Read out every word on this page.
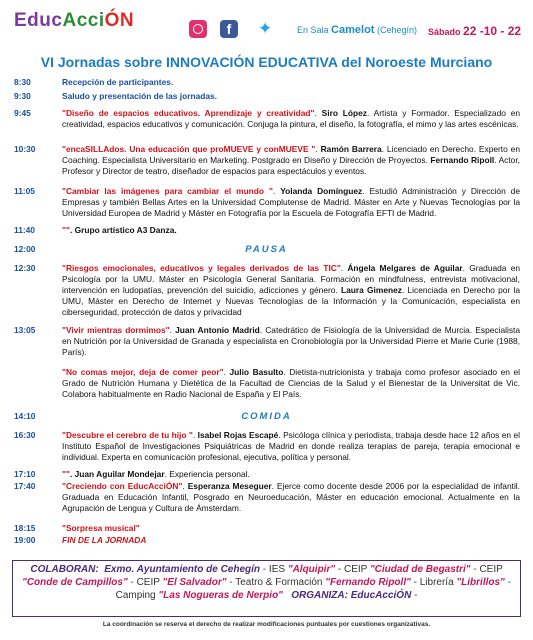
EducAcciÓN	f	✦	En Sala Camelot (Cehegín) Sábado 22 -10 - 22
VI Jornadas sobre INNOVACIÓN EDUCATIVA del Noroeste Murciano
8:30	Recepción de participantes.
9:30	Saludo y presentación de las jornadas.
9:45	"Diseño de espacios educativos. Aprendizaje y creatividad". Siro López. Artista y Formador. Especializado en creatividad, espacios educativos y comunicación. Conjuga la pintura, el diseño, la fotografía, el mimo y las artes escénicas.
10:30	"encaSILLAdos. Una educación que proMUEVE y conMUEVE ". Ramón Barrera. Licenciado en Derecho. Experto en Coaching. Especialista Universitario en Marketing. Postgrado en Diseño y Dirección de Proyectos. Fernando Ripoll. Actor, Profesor y Director de teatro, diseñador de espacios para espectáculos y eventos.
11:05	"Cambiar las imágenes para cambiar el mundo ". Yolanda Domínguez. Estudió Administración y Dirección de Empresas y también Bellas Artes en la Universidad Complutense de Madrid. Máster en Arte y Nuevas Tecnologías por la Universidad Europea de Madrid y Máster en Fotografía por la Escuela de Fotografía EFTI de Madrid.
11:40	"". Grupo artístico A3 Danza.
12:00	PAUSA
12:30	"Riesgos emocionales, educativos y legales derivados de las TIC". Ángela Melgares de Aguilar. Graduada en Psicología por la UMU. Máster en Psicología General Sanitaria. Formación en mindfulness, entrevista motivacional, intervención en ludopatías, prevención del suicidio, adicciones y género. Laura Gimenez. Licenciada en Derecho por la UMU, Máster en Derecho de Internet y Nuevas Tecnologías de la Información y la Comunicación, especialista en ciberseguridad, protección de datos y privacidad
13:05	"Vivir mientras dormimos". Juan Antonio Madrid. Catedrático de Fisiología de la Universidad de Murcia. Especialista en Nutrición por la Universidad de Granada y especialista en Cronobiología por la Universidad Pierre et Marie Curie (1988, París).
"No comas mejor, deja de comer peor". Julio Basulto. Dietista-nutricionista y trabaja como profesor asociado en el Grado de Nutrición Humana y Dietética de la Facultad de Ciencias de la Salud y el Bienestar de la Universitat de Vic. Colabora habitualmente en Radio Nacional de España y El País.
14:10	COMIDA
16:30	"Descubre el cerebro de tu hijo ". Isabel Rojas Escapé. Psicóloga clínica y periodista, trabaja desde hace 12 años en el Instituto Español de Investigaciones Psiquiátricas de Madrid en donde realiza terapias de pareja, terapia emocional e individual. Experta en comunicación profesional, ejecutiva, política y personal.
17:10	"". Juan Aguilar Mondejar. Experiencia personal.
17:40	"Creciendo con EducAcciÓN". Esperanza Meseguer. Ejerce como docente desde 2006 por la especialidad de infantil. Graduada en Educación Infantil, Posgrado en Neuroeducación, Máster en educación emocional. Actualmente en la Agrupación de Lengua y Cultura de Ámsterdam.
18:15	"Sorpresa musical"
19:00	FIN DE LA JORNADA
COLABORAN: Exmo. Ayuntamiento de Cehegín - IES "Alquipir" - CEIP "Ciudad de Begastri" - CEIP "Conde de Campillos" - CEIP "El Salvador" - Teatro & Formación "Fernando Ripoll" - Librería "Librillos" - Camping "Las Nogueras de Nerpio" ORGANIZA: EducAcciÓN -
La coordinación se reserva el derecho de realizar modificaciones puntuales por cuestiones organizativas.
